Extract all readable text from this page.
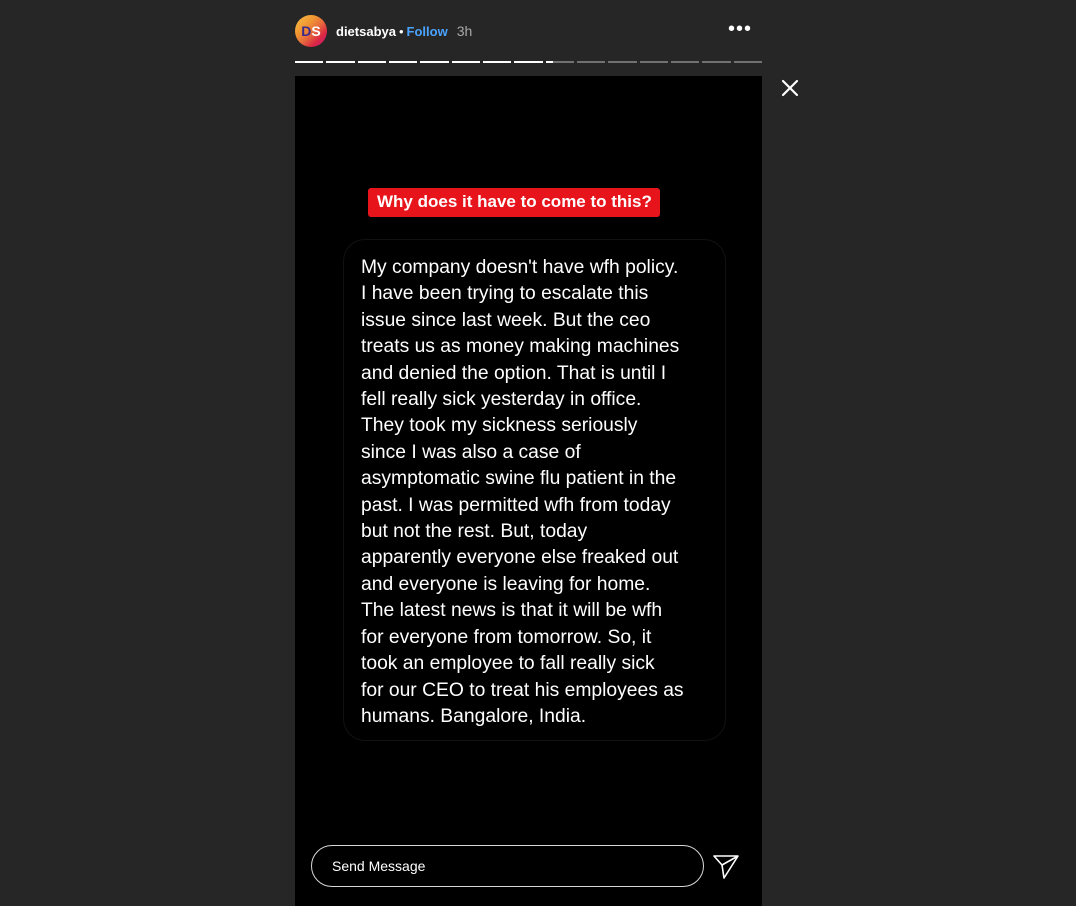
D S dietsabya • Follow 3h	•••
Why does it have to come to this?
My company doesn't have wfh policy.
I have been trying to escalate this
issue since last week. But the ceo
treats us as money making machines
and denied the option. That is until I
fell really sick yesterday in office.
They took my sickness seriously
since I was also a case of
asymptomatic swine flu patient in the
past. I was permitted wfh from today
but not the rest. But, today
apparently everyone else freaked out
and everyone is leaving for home.
The latest news is that it will be wfh
for everyone from tomorrow. So, it
took an employee to fall really sick
for our CEO to treat his employees as
humans. Bangalore, India.
Send Message
